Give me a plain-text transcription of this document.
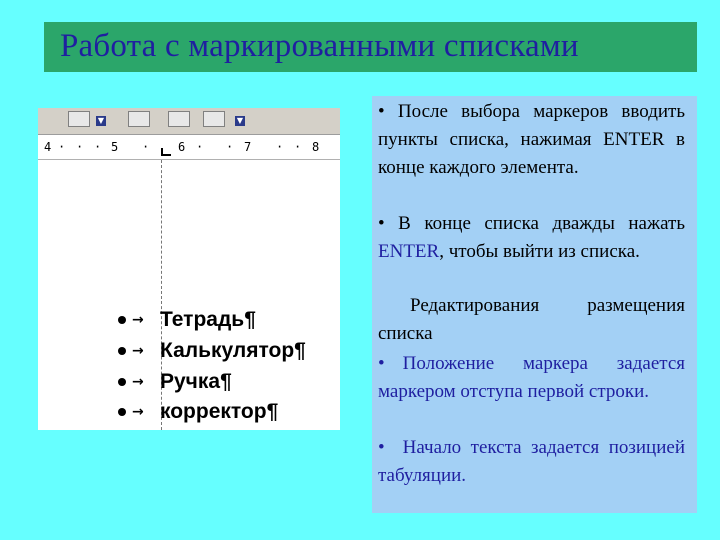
Работа с маркированными списками
▼	▼
4 · · · 5 · 6 · · 7 · · 8
→ Тетрадь¶
→ Калькулятор¶
→ Ручка¶
→ корректор¶
• После выбора маркеров вводить пункты списка, нажимая ENTER в конце каждого элемента.
• В конце списка дважды нажать ENTER, чтобы выйти из списка.
Редактирования размещения списка
• Положение маркера задается маркером отступа первой строки.
• Начало текста задается позицией табуляции.
